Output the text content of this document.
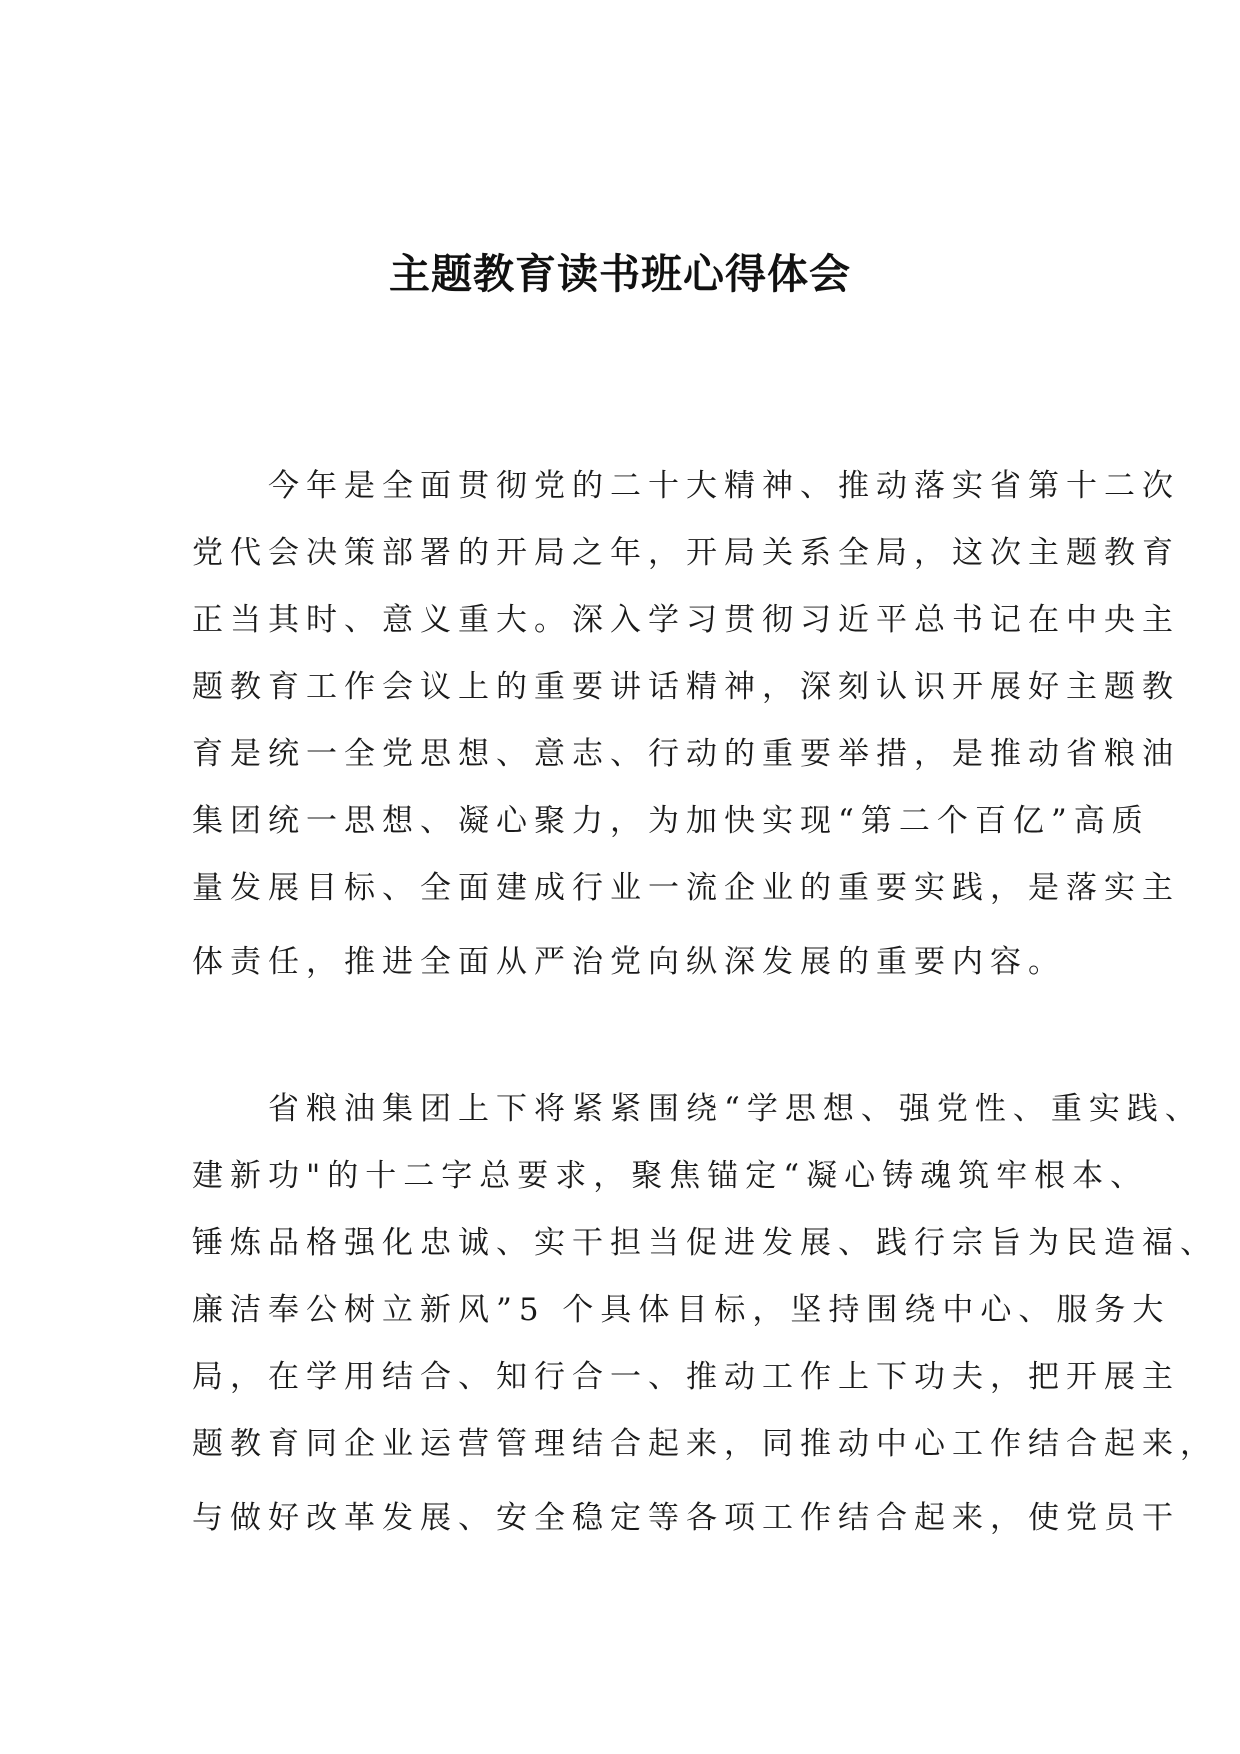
主题教育读书班心得体会
　　今年是全面贯彻党的二十大精神、推动落实省第十二次
党代会决策部署的开局之年，开局关系全局，这次主题教育
正当其时、意义重大。深入学习贯彻习近平总书记在中央主
题教育工作会议上的重要讲话精神，深刻认识开展好主题教
育是统一全党思想、意志、行动的重要举措，是推动省粮油
集团统一思想、凝心聚力，为加快实现“第二个百亿”高质
量发展目标、全面建成行业一流企业的重要实践，是落实主
体责任，推进全面从严治党向纵深发展的重要内容。
　　省粮油集团上下将紧紧围绕“学思想、强党性、重实践、
建新功"的十二字总要求，聚焦锚定“凝心铸魂筑牢根本、
锤炼品格强化忠诚、实干担当促进发展、践行宗旨为民造福、
廉洁奉公树立新风”5 个具体目标，坚持围绕中心、服务大
局，在学用结合、知行合一、推动工作上下功夫，把开展主
题教育同企业运营管理结合起来，同推动中心工作结合起来，
与做好改革发展、安全稳定等各项工作结合起来，使党员干
